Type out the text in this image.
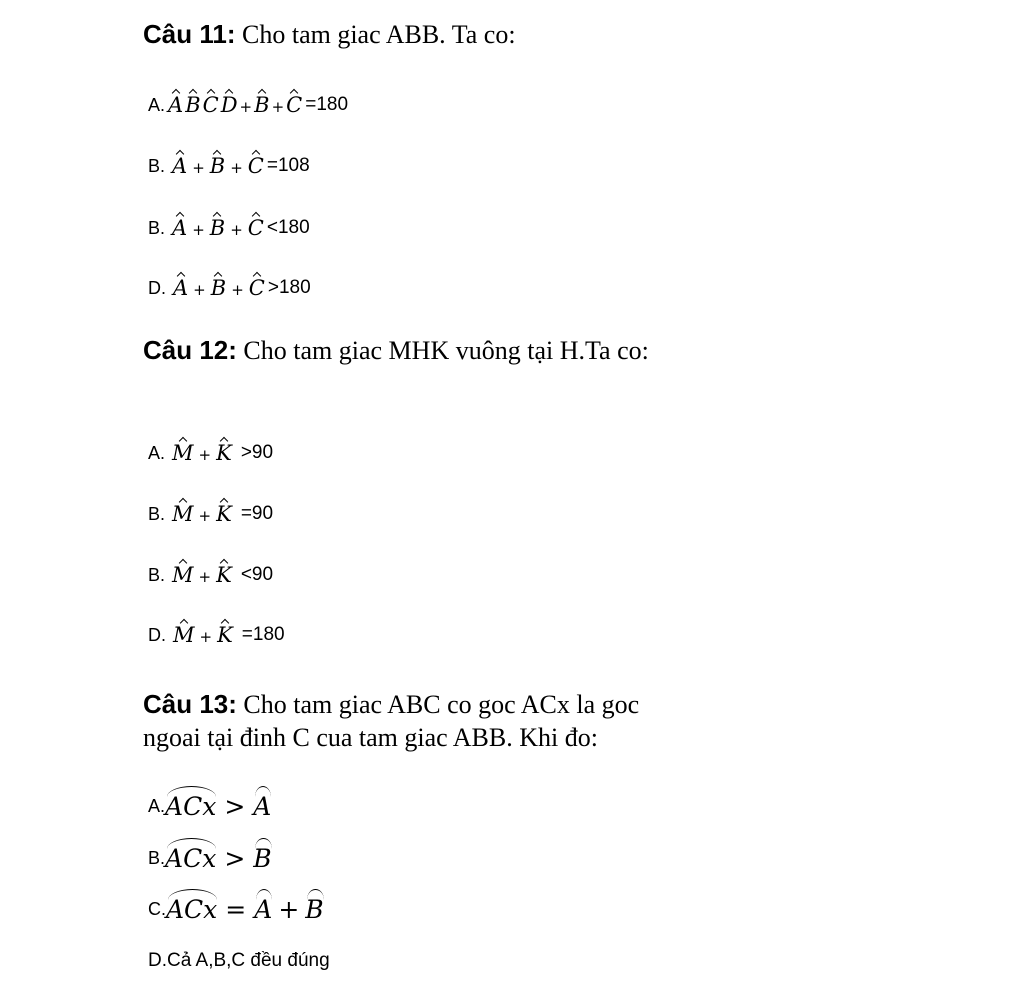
Câu 11: Cho tam giac ABB. Ta co:
A. ABCD +B +C =180
B. A + B + C =108
B. A + B + C <180
D. A + B + C >180
Câu 12: Cho tam giac MHK vuông tại H.Ta co:
A. M + K >90
B. M + K =90
B. M + K <90
D. M + K =180
Câu 13: Cho tam giac ABC co goc ACx la goc ngoai tại đinh C cua tam giac ABB. Khi đo:
A. ACx > A
B. ACx > B
C. ACx = A + B
D.Cả A,B,C đều đúng
